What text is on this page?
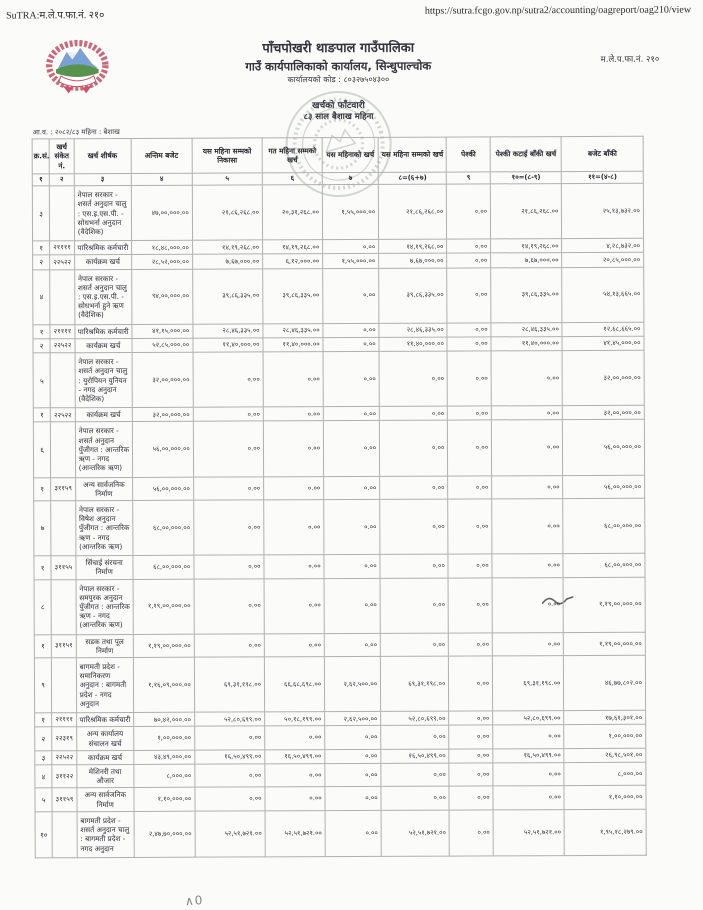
SuTRA:म.ले.प.फा.नं. २१०	https://sutra.fcgo.gov.np/sutra2/accounting/oagreport/oag210/view
पाँचपोखरी थाङपाल गाउँपालिका
गाउँ कार्यपालिकाको कार्यालय, सिन्धुपाल्चोक
कार्यालयको कोड : ८०३२७५०४३००
खर्चको फाँटवारी
८३ साल बैशाख महिना
म.ले.प.फा.नं. २१०
आ.व. : २०८२/८३ महिना : बैशाख
क्र.सं.	खर्च संकेत नं.	खर्च शीर्षक	अन्तिम बजेट	यस महिना सम्मको निकासा	गत महिना सम्मको खर्च	यस महिनाको खर्च	यस महिना सम्मको खर्च	पेश्की	पेश्की कटाई बाँकी खर्च	बजेट बाँकी
१	२	३	४	५	६	७	८=(६+७)	९	१०=(८-९)	११=(४-८)
३		नेपाल सरकार - शसर्त अनुदान चालु : एस.इ.एस.पी. - सोधभर्ना अनुदान (वैदेशिक)	४७,००,०००.००	२१,८६,२६८.००	२०,३१,२६८.००	१,५५,०००.००	२१,८६,२६८.००	०.००	२१,८६,२६८.००	२५,१३,७३२.००
१	२११११	पारिश्रमिक कर्मचारी	१८,४८,०००.००	१४,१९,२६८.००	१४,१९,२६८.००	०.००	१४,१९,२६८.००	०.००	१४,१९,२६८.००	४,२८,७३२.००
२	२२५२२	कार्यक्रम खर्च	२८,५२,०००.००	७,६७,०००.००	६,१२,०००.००	१,५५,०००.००	७,६७,०००.००	०.००	७,६७,०००.००	२०,८५,०००.००
४		नेपाल सरकार - शसर्त अनुदान चालु : एस.इ.एस.पी. - सोधभर्ना हुने ऋण (वैदेशिक)	९४,००,०००.००	३९,८६,३३५.००	३९,८६,३३५.००	०.००	३९,८६,३३५.००	०.००	३९,८६,३३५.००	५४,१३,६६५.००
१	२११११	पारिश्रमिक कर्मचारी	४१,१५,०००.००	२८,४६,३३५.००	२८,४६,३३५.००	०.००	२८,४६,३३५.००	०.००	२८,४६,३३५.००	१२,६८,६६५.००
२	२२५२२	कार्यक्रम खर्च	५२,८५,०००.००	११,४०,०००.००	११,४०,०००.००	०.००	११,४०,०००.००	०.००	११,४०,०००.००	४१,४५,०००.००
५		नेपाल सरकार - शसर्त अनुदान चालु : युरोपियन युनियन - नगद अनुदान (वैदेशिक)	३२,००,०००.००	०.००	०.००	०.००	०.००	०.००	०.००	३२,००,०००.००
१	२२५२२	कार्यक्रम खर्च	३२,००,०००.००	०.००	०.००	०.००	०.००	०.००	०.००	३२,००,०००.००
६		नेपाल सरकार - शसर्त अनुदान पुँजीगत : आन्तरिक ऋण - नगद (आन्तरिक ऋण)	५६,००,०००.००	०.००	०.००	०.००	०.००	०.००	०.००	५६,००,०००.००
१	३११५९	अन्य सार्वजनिक निर्माण	५६,००,०००.००	०.००	०.००	०.००	०.००	०.००	०.००	५६,००,०००.००
७		नेपाल सरकार - विषेश अनुदान पुँजीगत : आन्तरिक ऋण - नगद (आन्तरिक ऋण)	६८,००,०००.००	०.००	०.००	०.००	०.००	०.००	०.००	६८,००,०००.००
१	३११५५	सिंचाई संरचना निर्माण	६८,००,०००.००	०.००	०.००	०.००	०.००	०.००	०.००	६८,००,०००.००
८		नेपाल सरकार - समपुरक अनुदान पुँजीगत : आन्तरिक ऋण - नगद (आन्तरिक ऋण)	१,१९,००,०००.००	०.००	०.००	०.००	०.००	०.००	०.००	१,१९,००,०००.००
१	३११५१	सडक तथा पूल निर्माण	१,१९,००,०००.००	०.००	०.००	०.००	०.००	०.००	०.००	१,१९,००,०००.००
९		बागमती प्रदेश - समानिकरण अनुदान : बागमती प्रदेश - नगद अनुदान	१,१६,०९,०००.००	६९,३१,१९८.००	६६,६८,६९८.००	२,६२,५००.००	६९,३१,१९८.००	०.००	६९,३१,१९८.००	४६,७७,८०२.००
१	२११११	पारिश्रमिक कर्मचारी	७०,४२,०००.००	५२,८०,६९९.००	५०,१८,१९९.००	२,६२,५००.००	५२,८०,६९९.००	०.००	५२,८०,६९९.००	१७,६१,३०१.००
२	२२३१९	अन्य कार्यालय संचालन खर्च	१,००,०००.००	०.००	०.००	०.००	०.००	०.००	०.००	१,००,०००.००
३	२२५२२	कार्यक्रम खर्च	४३,४९,०००.००	१६,५०,४९९.००	१६,५०,४९९.००	०.००	१६,५०,४९९.००	०.००	१६,५०,४९९.००	२६,९८,५०१.००
४	३११२२	मेशिनरी तथा औजार	८,०००.००	०.००	०.००	०.००	०.००	०.००	०.००	८,०००.००
५	३११५९	अन्य सार्वजनिक निर्माण	१,१०,०००.००	०.००	०.००	०.००	०.००	०.००	०.००	१,१०,०००.००
१०		बागमती प्रदेश - शसर्त अनुदान चालु : बागमती प्रदेश - नगद अनुदान	२,४७,७०,०००.००	५२,५१,७२१.००	५२,५१,७२१.००	०.००	५२,५१,७२१.००	०.००	५२,५१,७२१.००	१,९५,१८,२७९.००
∧0
